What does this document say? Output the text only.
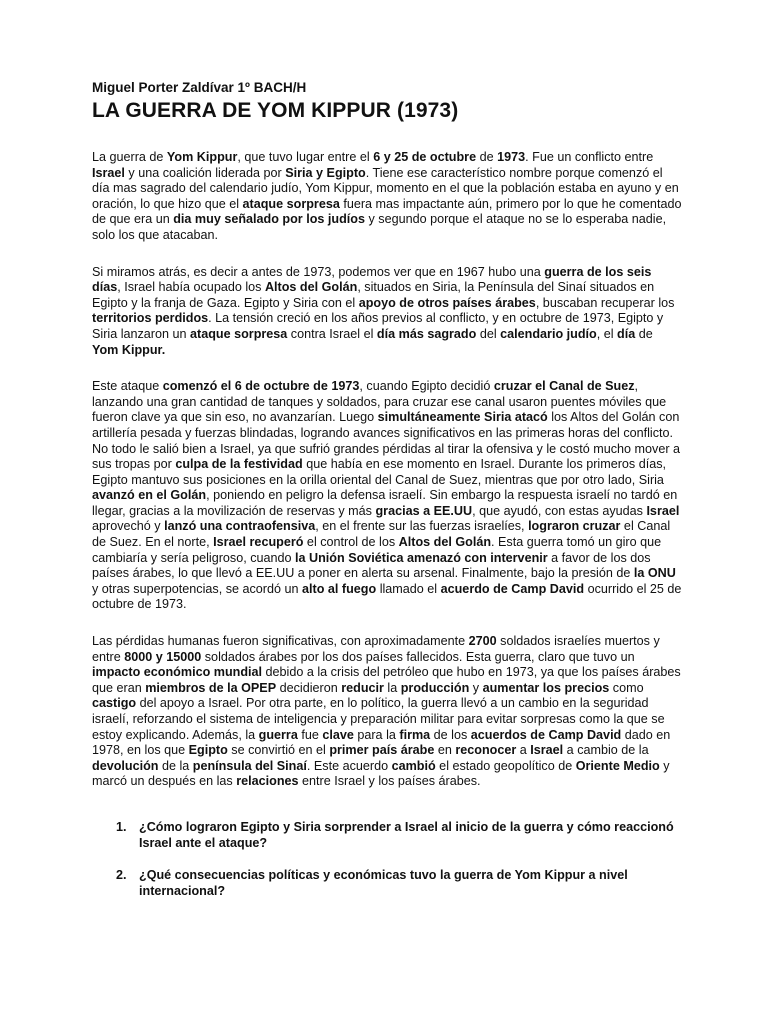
Miguel Porter Zaldívar 1º BACH/H

LA GUERRA DE YOM KIPPUR (1973)

La guerra de Yom Kippur, que tuvo lugar entre el 6 y 25 de octubre de 1973. Fue un conflicto entre Israel y una coalición liderada por Siria y Egipto. Tiene ese característico nombre porque comenzó el día mas sagrado del calendario judío, Yom Kippur, momento en el que la población estaba en ayuno y en oración, lo que hizo que el ataque sorpresa fuera mas impactante aún, primero por lo que he comentado de que era un dia muy señalado por los judíos y segundo porque el ataque no se lo esperaba nadie, solo los que atacaban.

Si miramos atrás, es decir a antes de 1973, podemos ver que en 1967 hubo una guerra de los seis días, Israel había ocupado los Altos del Golán, situados en Siria, la Península del Sinaí situados en Egipto y la franja de Gaza. Egipto y Siria con el apoyo de otros países árabes, buscaban recuperar los territorios perdidos. La tensión creció en los años previos al conflicto, y en octubre de 1973, Egipto y Siria lanzaron un ataque sorpresa contra Israel el día más sagrado del calendario judío, el día de Yom Kippur.

Este ataque comenzó el 6 de octubre de 1973, cuando Egipto decidió cruzar el Canal de Suez, lanzando una gran cantidad de tanques y soldados, para cruzar ese canal usaron puentes móviles que fueron clave ya que sin eso, no avanzarían. Luego simultáneamente Siria atacó los Altos del Golán con artillería pesada y fuerzas blindadas, logrando avances significativos en las primeras horas del conflicto. No todo le salió bien a Israel, ya que sufrió grandes pérdidas al tirar la ofensiva y le costó mucho mover a sus tropas por culpa de la festividad que había en ese momento en Israel. Durante los primeros días, Egipto mantuvo sus posiciones en la orilla oriental del Canal de Suez, mientras que por otro lado, Siria avanzó en el Golán, poniendo en peligro la defensa israelí. Sin embargo la respuesta israelí no tardó en llegar, gracias a la movilización de reservas y más gracias a EE.UU, que ayudó, con estas ayudas Israel aprovechó y lanzó una contraofensiva, en el frente sur las fuerzas israelíes, lograron cruzar el Canal de Suez. En el norte, Israel recuperó el control de los Altos del Golán. Esta guerra tomó un giro que cambiaría y sería peligroso, cuando la Unión Soviética amenazó con intervenir a favor de los dos países árabes, lo que llevó a EE.UU a poner en alerta su arsenal. Finalmente, bajo la presión de la ONU y otras superpotencias, se acordó un alto al fuego llamado el acuerdo de Camp David ocurrido el 25 de octubre de 1973.

Las pérdidas humanas fueron significativas, con aproximadamente 2700 soldados israelíes muertos y entre 8000 y 15000 soldados árabes por los dos países fallecidos. Esta guerra, claro que tuvo un impacto económico mundial debido a la crisis del petróleo que hubo en 1973, ya que los países árabes que eran miembros de la OPEP decidieron reducir la producción y aumentar los precios como castigo del apoyo a Israel. Por otra parte, en lo político, la guerra llevó a un cambio en la seguridad israelí, reforzando el sistema de inteligencia y preparación militar para evitar sorpresas como la que se estoy explicando. Además, la guerra fue clave para la firma de los acuerdos de Camp David dado en 1978, en los que Egipto se convirtió en el primer país árabe en reconocer a Israel a cambio de la devolución de la península del Sinaí. Este acuerdo cambió el estado geopolítico de Oriente Medio y marcó un después en las relaciones entre Israel y los países árabes.

1. ¿Cómo lograron Egipto y Siria sorprender a Israel al inicio de la guerra y cómo reaccionó Israel ante el ataque?
2. ¿Qué consecuencias políticas y económicas tuvo la guerra de Yom Kippur a nivel internacional?
